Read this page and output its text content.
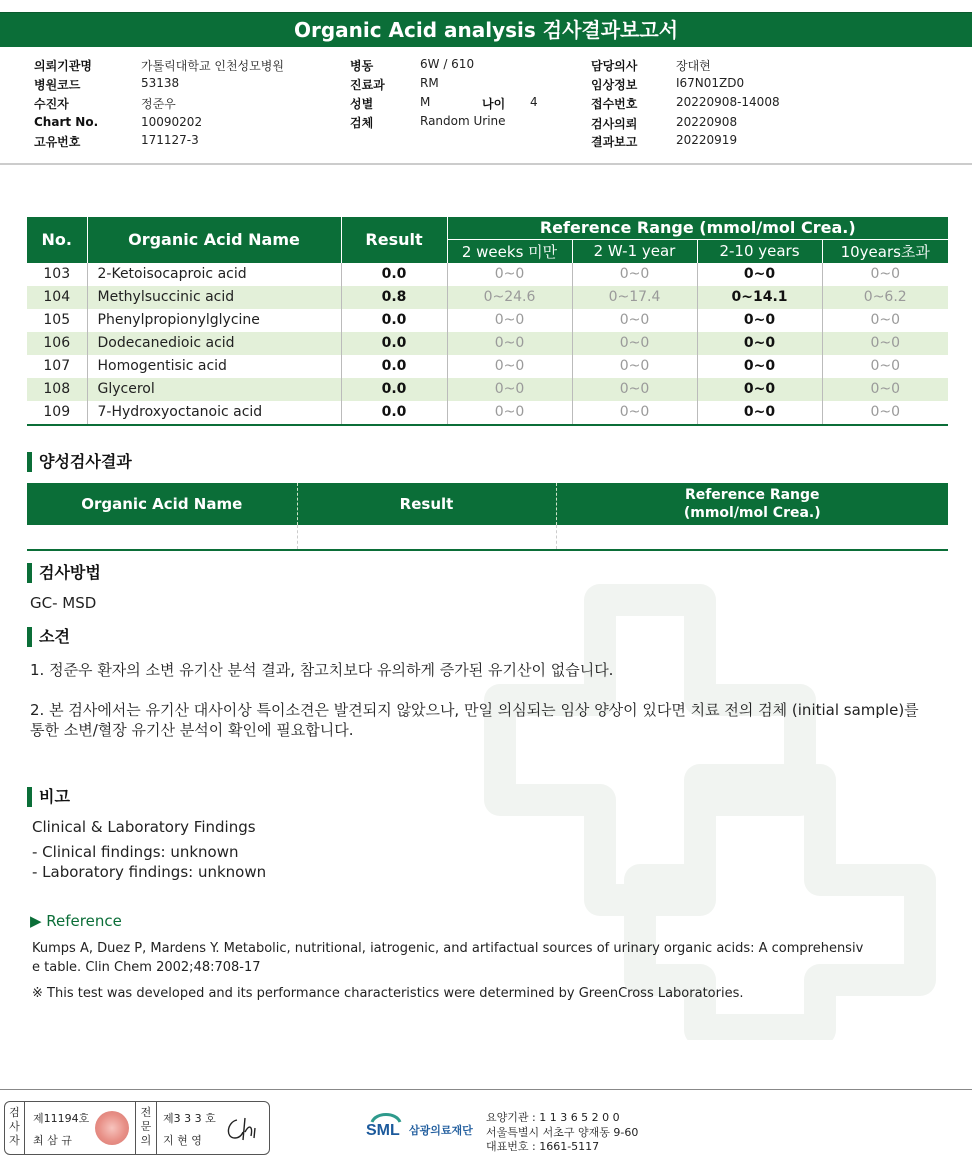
Organic Acid analysis 검사결과보고서
의뢰기관명	가톨릭대학교 인천성모병원
병원코드	53138
수진자	정준우
Chart No.	10090202
고유번호	171127-3
병동	6W / 610
진료과	RM
성별	M	나이 4
검체	Random Urine
담당의사	장대현
임상정보	I67N01ZD0
접수번호	20220908-14008
검사의뢰	20220908
결과보고	20220919
No.	Organic Acid Name	Result	Reference Range (mmol/mol Crea.)			
			2 weeks 미만	2 W-1 year	2-10 years	10years초과
103	2-Ketoisocaproic acid	0.0	0~0	0~0	0~0	0~0
104	Methylsuccinic acid	0.8	0~24.6	0~17.4	0~14.1	0~6.2
105	Phenylpropionylglycine	0.0	0~0	0~0	0~0	0~0
106	Dodecanedioic acid	0.0	0~0	0~0	0~0	0~0
107	Homogentisic acid	0.0	0~0	0~0	0~0	0~0
108	Glycerol	0.0	0~0	0~0	0~0	0~0
109	7-Hydroxyoctanoic acid	0.0	0~0	0~0	0~0	0~0
양성검사결과
Organic Acid Name	Result	Reference Range
(mmol/mol Crea.)

검사방법
GC- MSD
소견
1. 정준우 환자의 소변 유기산 분석 결과, 참고치보다 유의하게 증가된 유기산이 없습니다.
2. 본 검사에서는 유기산 대사이상 특이소견은 발견되지 않았으나, 만일 의심되는 임상 양상이 있다면 치료 전의 검체 (initial sample)를
통한 소변/혈장 유기산 분석이 확인에 필요합니다.
비고
Clinical & Laboratory Findings
- Clinical findings: unknown
- Laboratory findings: unknown
▶ Reference
Kumps A, Duez P, Mardens Y. Metabolic, nutritional, iatrogenic, and artifactual sources of urinary organic acids: A comprehensiv
e table. Clin Chem 2002;48:708-17
※ This test was developed and its performance characteristics were determined by GreenCross Laboratories.
검사자
제11194호
최 삼 규
전문의
제3 3 3 호
지 현 영
SML 삼광의료재단
요양기관 : 1 1 3 6 5 2 0 0
서울특별시 서초구 양재동 9-60
대표번호 : 1661-5117
